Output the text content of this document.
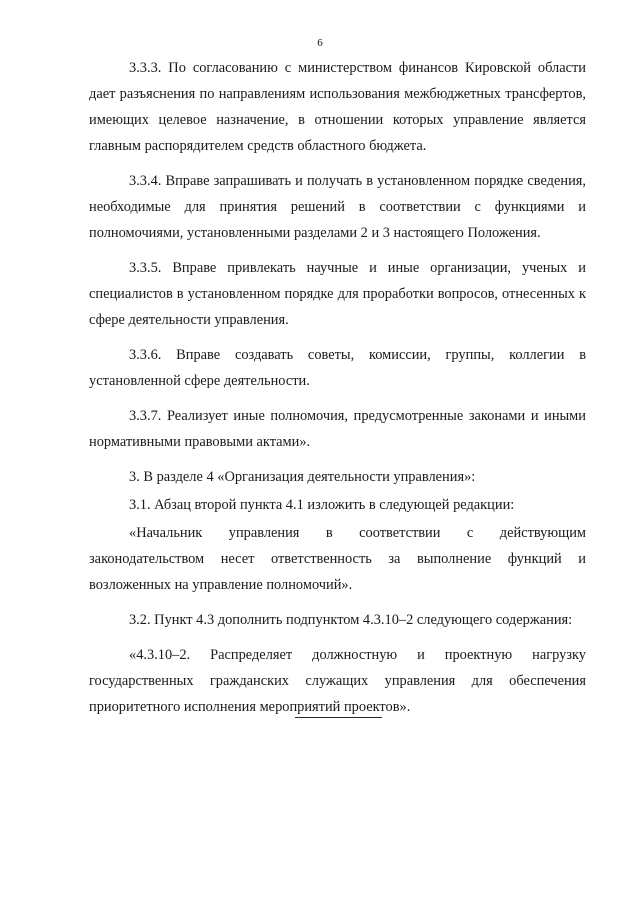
6

3.3.3. По согласованию с министерством финансов Кировской области дает разъяснения по направлениям использования межбюджетных трансфертов, имеющих целевое назначение, в отношении которых управление является главным распорядителем средств областного бюджета.

3.3.4. Вправе запрашивать и получать в установленном порядке сведения, необходимые для принятия решений в соответствии с функциями и полномочиями, установленными разделами 2 и 3 настоящего Положения.

3.3.5. Вправе привлекать научные и иные организации, ученых и специалистов в установленном порядке для проработки вопросов, отнесенных к сфере деятельности управления.

3.3.6. Вправе создавать советы, комиссии, группы, коллегии в установленной сфере деятельности.

3.3.7. Реализует иные полномочия, предусмотренные законами и иными нормативными правовыми актами».

3. В разделе 4 «Организация деятельности управления»:

3.1. Абзац второй пункта 4.1 изложить в следующей редакции:

«Начальник управления в соответствии с действующим законодательством несет ответственность за выполнение функций и возложенных на управление полномочий».

3.2. Пункт 4.3 дополнить подпунктом 4.3.10–2 следующего содержания:

«4.3.10–2. Распределяет должностную и проектную нагрузку государственных гражданских служащих управления для обеспечения приоритетного исполнения мероприятий проектов».
